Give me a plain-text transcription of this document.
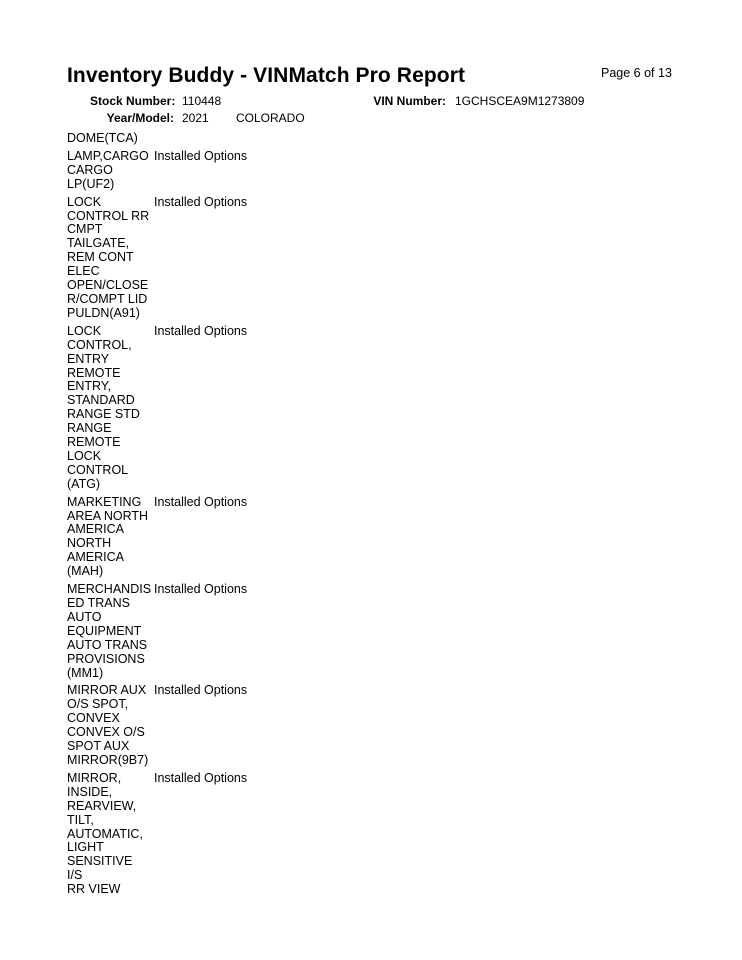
Inventory Buddy - VINMatch Pro Report	Page 6 of 13
Stock Number: 110448	VIN Number: 1GCHSCEA9M1273809
Year/Model: 2021 COLORADO
DOME(TCA)
LAMP,CARGO
CARGO
LP(UF2)
Installed Options
LOCK
CONTROL RR
CMPT
TAILGATE,
REM CONT
ELEC
OPEN/CLOSE
R/COMPT LID
PULDN(A91)
Installed Options
LOCK
CONTROL,
ENTRY
REMOTE
ENTRY,
STANDARD
RANGE STD
RANGE
REMOTE
LOCK
CONTROL
(ATG)
Installed Options
MARKETING
AREA NORTH
AMERICA
NORTH
AMERICA
(MAH)
Installed Options
MERCHANDIS
ED TRANS
AUTO
EQUIPMENT
AUTO TRANS
PROVISIONS
(MM1)
Installed Options
MIRROR AUX
O/S SPOT,
CONVEX
CONVEX O/S
SPOT AUX
MIRROR(9B7)
Installed Options
MIRROR,
INSIDE,
REARVIEW,
TILT,
AUTOMATIC,
LIGHT
SENSITIVE I/S
RR VIEW
Installed Options
